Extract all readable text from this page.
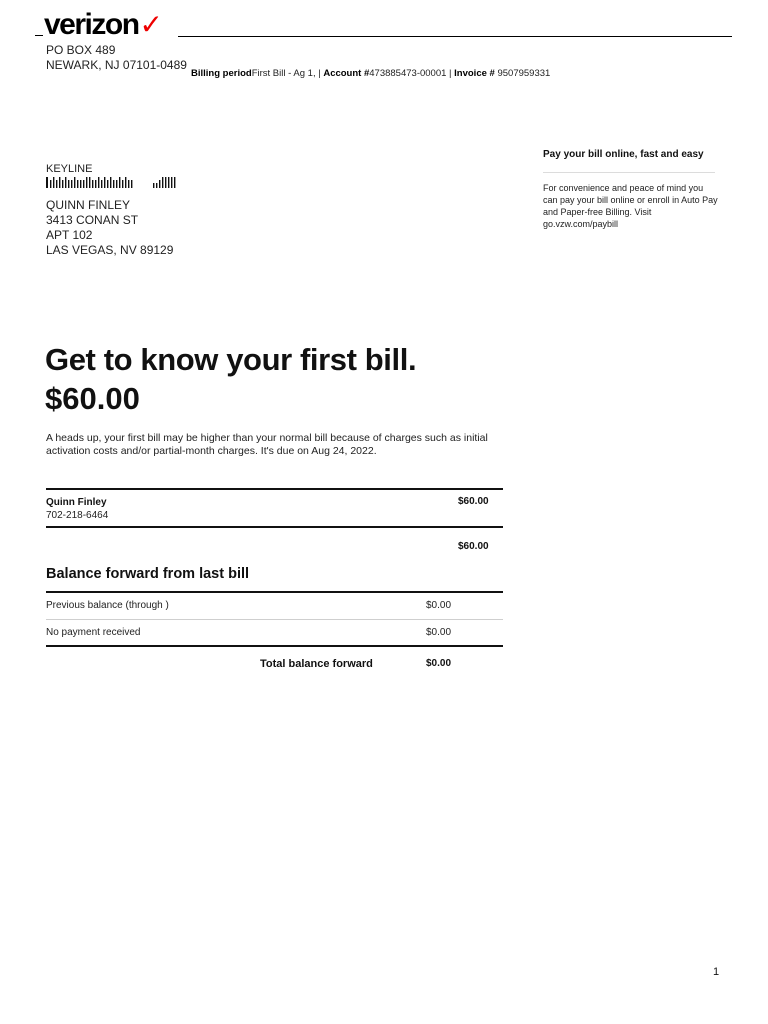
verizon✓
PO BOX 489
NEWARK, NJ 07101-0489
Billing periodFirst Bill - Ag 1, | Account #473885473-00001 | Invoice # 9507959331
KEYLINE
QUINN FINLEY
3413 CONAN ST
APT 102
LAS VEGAS, NV 89129
Pay your bill online, fast and easy
For convenience and peace of mind you can pay your bill online or enroll in Auto Pay and Paper-free Billing. Visit go.vzw.com/paybill
Get to know your first bill.
$60.00
A heads up, your first bill may be higher than your normal bill because of charges such as initial activation costs and/or partial-month charges. It's due on Aug 24, 2022.
Quinn Finley
702-218-6464
$60.00
$60.00
Balance forward from last bill
Previous balance (through )	$0.00
No payment received	$0.00
Total balance forward	$0.00
1
